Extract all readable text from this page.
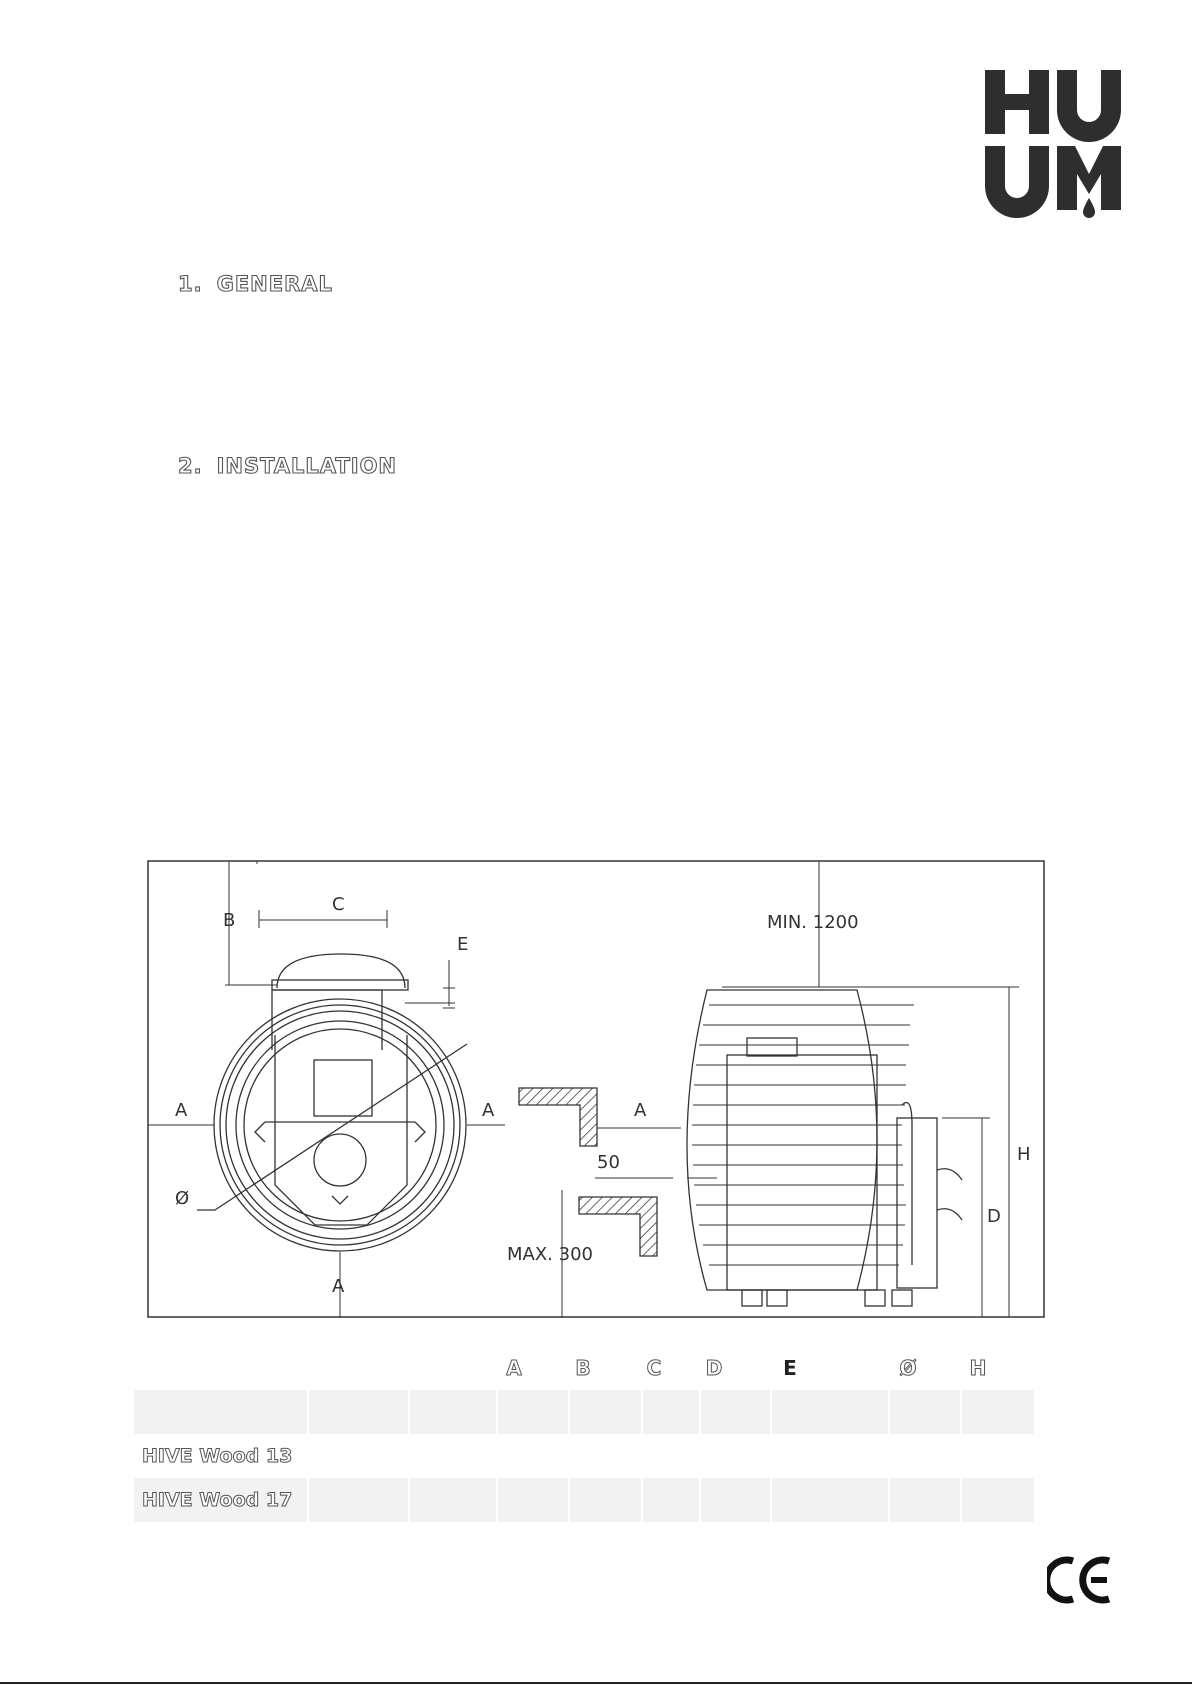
1. GENERAL
2. INSTALLATION
B
C
E
A	A	A
A
Ø
MIN. 1200
MAX. 300
50	H
D
A	B	C	D	E	Ø	H
HIVE Wood 13
HIVE Wood 17
